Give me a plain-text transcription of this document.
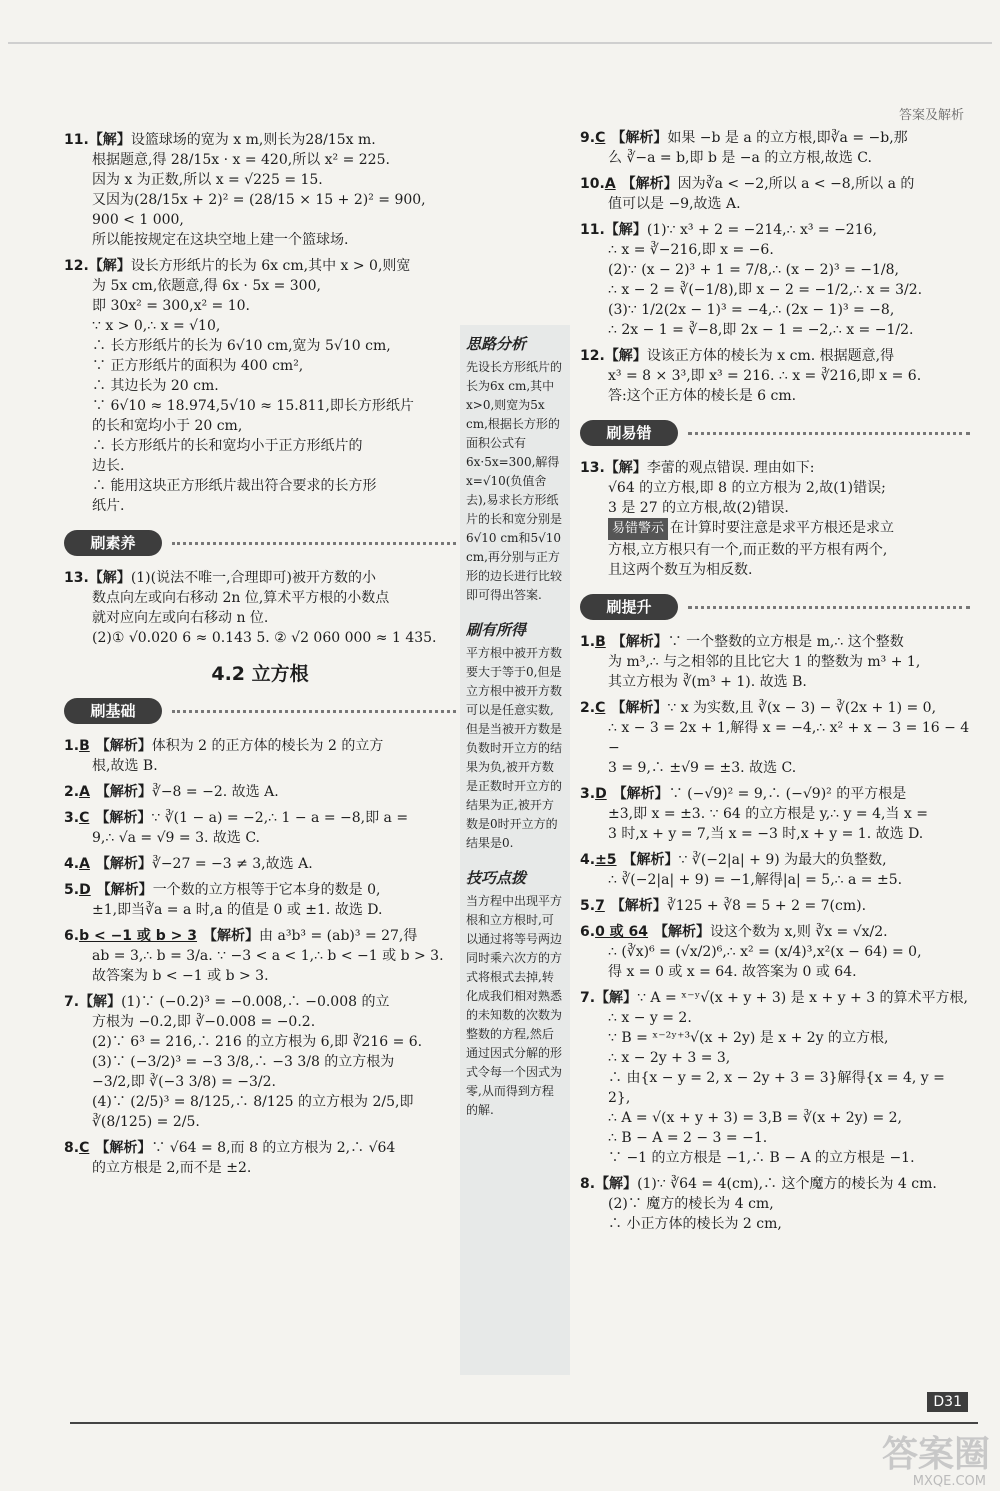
答案及解析
11.【解】设篮球场的宽为 x m,则长为28/15x m.
根据题意,得 28/15x · x = 420,所以 x² = 225.
因为 x 为正数,所以 x = √225 = 15.
又因为(28/15x + 2)² = (28/15 × 15 + 2)² = 900,
900 < 1 000,
所以能按规定在这块空地上建一个篮球场.
12.【解】设长方形纸片的长为 6x cm,其中 x > 0,则宽
为 5x cm,依题意,得 6x · 5x = 300,
即 30x² = 300,x² = 10.
∵ x > 0,∴ x = √10,
∴ 长方形纸片的长为 6√10 cm,宽为 5√10 cm,
∵ 正方形纸片的面积为 400 cm²,
∴ 其边长为 20 cm.
∵ 6√10 ≈ 18.974,5√10 ≈ 15.811,即长方形纸片
的长和宽均小于 20 cm,
∴ 长方形纸片的长和宽均小于正方形纸片的
边长.
∴ 能用这块正方形纸片裁出符合要求的长方形
纸片.
刷素养
13.【解】(1)(说法不唯一,合理即可)被开方数的小
数点向左或向右移动 2n 位,算术平方根的小数点
就对应向左或向右移动 n 位.
(2)① √0.020 6 ≈ 0.143 5. ② √2 060 000 ≈ 1 435.
4.2 立方根
刷基础
1.B 【解析】体积为 2 的正方体的棱长为 2 的立方
根,故选 B.
2.A 【解析】∛−8 = −2. 故选 A.
3.C 【解析】∵ ∛(1 − a) = −2,∴ 1 − a = −8,即 a =
9,∴ √a = √9 = 3. 故选 C.
4.A 【解析】∛−27 = −3 ≠ 3,故选 A.
5.D 【解析】一个数的立方根等于它本身的数是 0,
±1,即当∛a = a 时,a 的值是 0 或 ±1. 故选 D.
6.b < −1 或 b > 3 【解析】由 a³b³ = (ab)³ = 27,得
ab = 3,∴ b = 3/a. ∵ −3 < a < 1,∴ b < −1 或 b > 3.
故答案为 b < −1 或 b > 3.
7.【解】(1)∵ (−0.2)³ = −0.008,∴ −0.008 的立
方根为 −0.2,即 ∛−0.008 = −0.2.
(2)∵ 6³ = 216,∴ 216 的立方根为 6,即 ∛216 = 6.
(3)∵ (−3/2)³ = −3 3/8,∴ −3 3/8 的立方根为
−3/2,即 ∛(−3 3/8) = −3/2.
(4)∵ (2/5)³ = 8/125,∴ 8/125 的立方根为 2/5,即 ∛(8/125) = 2/5.
8.C 【解析】∵ √64 = 8,而 8 的立方根为 2,∴ √64
的立方根是 2,而不是 ±2.
思路分析
先设长方形纸片的长为6x cm,其中x>0,则宽为5x cm,根据长方形的面积公式有6x·5x=300,解得x=√10(负值舍去),易求长方形纸片的长和宽分别是6√10 cm和5√10 cm,再分别与正方形的边长进行比较即可得出答案.
刷有所得
平方根中被开方数要大于等于0,但是立方根中被开方数可以是任意实数,但是当被开方数是负数时开立方的结果为负,被开方数是正数时开立方的结果为正,被开方数是0时开立方的结果是0.
技巧点拨
当方程中出现平方根和立方根时,可以通过将等号两边同时乘六次方的方式将根式去掉,转化成我们相对熟悉的未知数的次数为整数的方程,然后通过因式分解的形式令每一个因式为零,从而得到方程的解.
9.C 【解析】如果 −b 是 a 的立方根,即∛a = −b,那
么 ∛−a = b,即 b 是 −a 的立方根,故选 C.
10.A 【解析】因为∛a < −2,所以 a < −8,所以 a 的
值可以是 −9,故选 A.
11.【解】(1)∵ x³ + 2 = −214,∴ x³ = −216,
∴ x = ∛−216,即 x = −6.
(2)∵ (x − 2)³ + 1 = 7/8,∴ (x − 2)³ = −1/8,
∴ x − 2 = ∛(−1/8),即 x − 2 = −1/2,∴ x = 3/2.
(3)∵ 1/2(2x − 1)³ = −4,∴ (2x − 1)³ = −8,
∴ 2x − 1 = ∛−8,即 2x − 1 = −2,∴ x = −1/2.
12.【解】设该正方体的棱长为 x cm. 根据题意,得
x³ = 8 × 3³,即 x³ = 216. ∴ x = ∛216,即 x = 6.
答:这个正方体的棱长是 6 cm.
刷易错
13.【解】李蕾的观点错误. 理由如下:
√64 的立方根,即 8 的立方根为 2,故(1)错误;
3 是 27 的立方根,故(2)错误.
易错警示 在计算时要注意是求平方根还是求立
方根,立方根只有一个,而正数的平方根有两个,
且这两个数互为相反数.
刷提升
1.B 【解析】∵ 一个整数的立方根是 m,∴ 这个整数
为 m³,∴ 与之相邻的且比它大 1 的整数为 m³ + 1,
其立方根为 ∛(m³ + 1). 故选 B.
2.C 【解析】∵ x 为实数,且 ∛(x − 3) − ∛(2x + 1) = 0,
∴ x − 3 = 2x + 1,解得 x = −4,∴ x² + x − 3 = 16 − 4 −
3 = 9,∴ ±√9 = ±3. 故选 C.
3.D 【解析】∵ (−√9)² = 9,∴ (−√9)² 的平方根是
±3,即 x = ±3. ∵ 64 的立方根是 y,∴ y = 4,当 x =
3 时,x + y = 7,当 x = −3 时,x + y = 1. 故选 D.
4.±5 【解析】∵ ∛(−2|a| + 9) 为最大的负整数,
∴ ∛(−2|a| + 9) = −1,解得|a| = 5,∴ a = ±5.
5.7 【解析】∛125 + ∛8 = 5 + 2 = 7(cm).
6.0 或 64 【解析】设这个数为 x,则 ∛x = √x/2.
∴ (∛x)⁶ = (√x/2)⁶,∴ x² = (x/4)³,x²(x − 64) = 0,
得 x = 0 或 x = 64. 故答案为 0 或 64.
7.【解】∵ A = ˣ⁻ʸ√(x + y + 3) 是 x + y + 3 的算术平方根,
∴ x − y = 2.
∵ B = ˣ⁻²ʸ⁺³√(x + 2y) 是 x + 2y 的立方根,
∴ x − 2y + 3 = 3,
∴ 由{x − y = 2, x − 2y + 3 = 3}解得{x = 4, y = 2},
∴ A = √(x + y + 3) = 3,B = ∛(x + 2y) = 2,
∴ B − A = 2 − 3 = −1.
∵ −1 的立方根是 −1,∴ B − A 的立方根是 −1.
8.【解】(1)∵ ∛64 = 4(cm),∴ 这个魔方的棱长为 4 cm.
(2)∵ 魔方的棱长为 4 cm,
∴ 小正方体的棱长为 2 cm,
D31
答案圈
MXQE.COM
